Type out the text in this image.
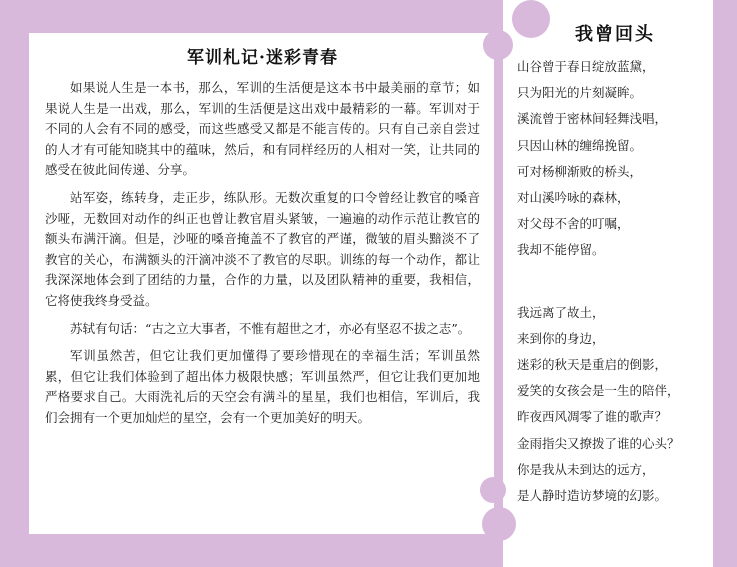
军训札记·迷彩青春

如果说人生是一本书，那么，军训的生活便是这本书中最美丽的章节；如果说人生是一出戏，那么，军训的生活便是这出戏中最精彩的一幕。军训对于不同的人会有不同的感受，而这些感受又都是不能言传的。只有自己亲自尝过的人才有可能知晓其中的蕴味，然后，和有同样经历的人相对一笑，让共同的感受在彼此间传递、分享。

站军姿，练转身，走正步，练队形。无数次重复的口令曾经让教官的嗓音沙哑，无数回对动作的纠正也曾让教官眉头紧皱，一遍遍的动作示范让教官的额头布满汗滴。但是，沙哑的嗓音掩盖不了教官的严谨，微皱的眉头黯淡不了教官的关心，布满额头的汗滴冲淡不了教官的尽职。训练的每一个动作，都让我深深地体会到了团结的力量，合作的力量，以及团队精神的重要，我相信，它将使我终身受益。

苏轼有句话：“古之立大事者，不惟有超世之才，亦必有坚忍不拔之志”。

军训虽然苦，但它让我们更加懂得了要珍惜现在的幸福生活；军训虽然累，但它让我们体验到了超出体力极限快感；军训虽然严，但它让我们更加地严格要求自己。大雨洗礼后的天空会有满斗的星星，我们也相信，军训后，我们会拥有一个更加灿烂的星空，会有一个更加美好的明天。

我曾回头
山谷曾于春日绽放蓝黛，
只为阳光的片刻凝眸。
溪流曾于密林间轻舞浅唱，
只因山林的缠绵挽留。
可对杨柳渐败的桥头，
对山溪吟咏的森林，
对父母不舍的叮嘱，
我却不能停留。
我远离了故土，
来到你的身边，
迷彩的秋天是重启的倒影，
爱笑的女孩会是一生的陪伴，
昨夜西风凋零了谁的歌声？
金雨指尖又撩拨了谁的心头？
你是我从未到达的远方，
是人静时造访梦境的幻影。
